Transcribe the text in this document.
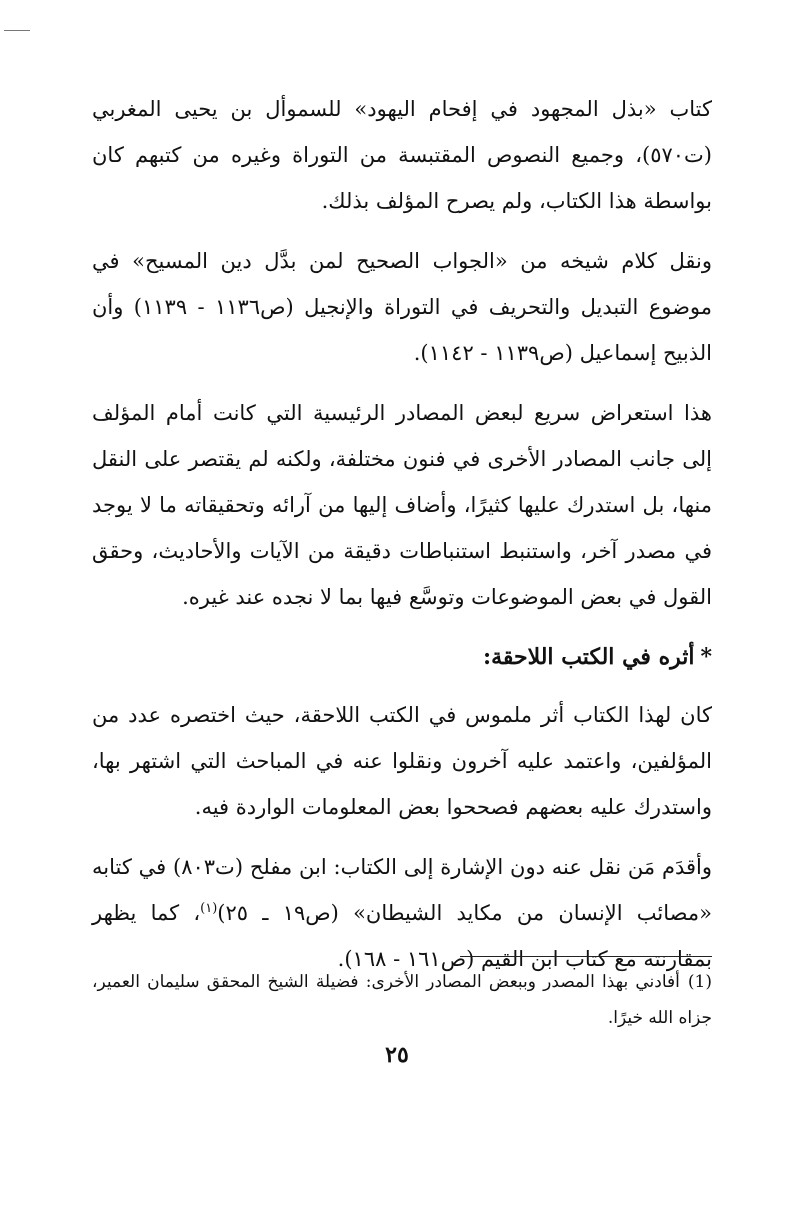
كتاب «بذل المجهود في إفحام اليهود» للسموأل بن يحيى المغربي (ت٥٧٠)، وجميع النصوص المقتبسة من التوراة وغيره من كتبهم كان بواسطة هذا الكتاب، ولم يصرح المؤلف بذلك.

ونقل كلام شيخه من «الجواب الصحيح لمن بدَّل دين المسيح» في موضوع التبديل والتحريف في التوراة والإنجيل (ص١١٣٦ - ١١٣٩) وأن الذبيح إسماعيل (ص١١٣٩ - ١١٤٢).

هذا استعراض سريع لبعض المصادر الرئيسية التي كانت أمام المؤلف إلى جانب المصادر الأخرى في فنون مختلفة، ولكنه لم يقتصر على النقل منها، بل استدرك عليها كثيرًا، وأضاف إليها من آرائه وتحقيقاته ما لا يوجد في مصدر آخر، واستنبط استنباطات دقيقة من الآيات والأحاديث، وحقق القول في بعض الموضوعات وتوسَّع فيها بما لا نجده عند غيره.

*أثره في الكتب اللاحقة:

كان لهذا الكتاب أثر ملموس في الكتب اللاحقة، حيث اختصره عدد من المؤلفين، واعتمد عليه آخرون ونقلوا عنه في المباحث التي اشتهر بها، واستدرك عليه بعضهم فصححوا بعض المعلومات الواردة فيه.

وأقدَم مَن نقل عنه دون الإشارة إلى الكتاب: ابن مفلح (ت٨٠٣) في كتابه «مصائب الإنسان من مكايد الشيطان» (ص١٩ ـ ٢٥)$^{(١)}$، كما يظهر بمقارنته مع كتاب ابن القيم (ص١٦١ - ١٦٨).

(1)أفادني بهذا المصدر وببعض المصادر الأخرى: فضيلة الشيخ المحقق سليمان العمير، جزاه الله خيرًا.
٢٥
